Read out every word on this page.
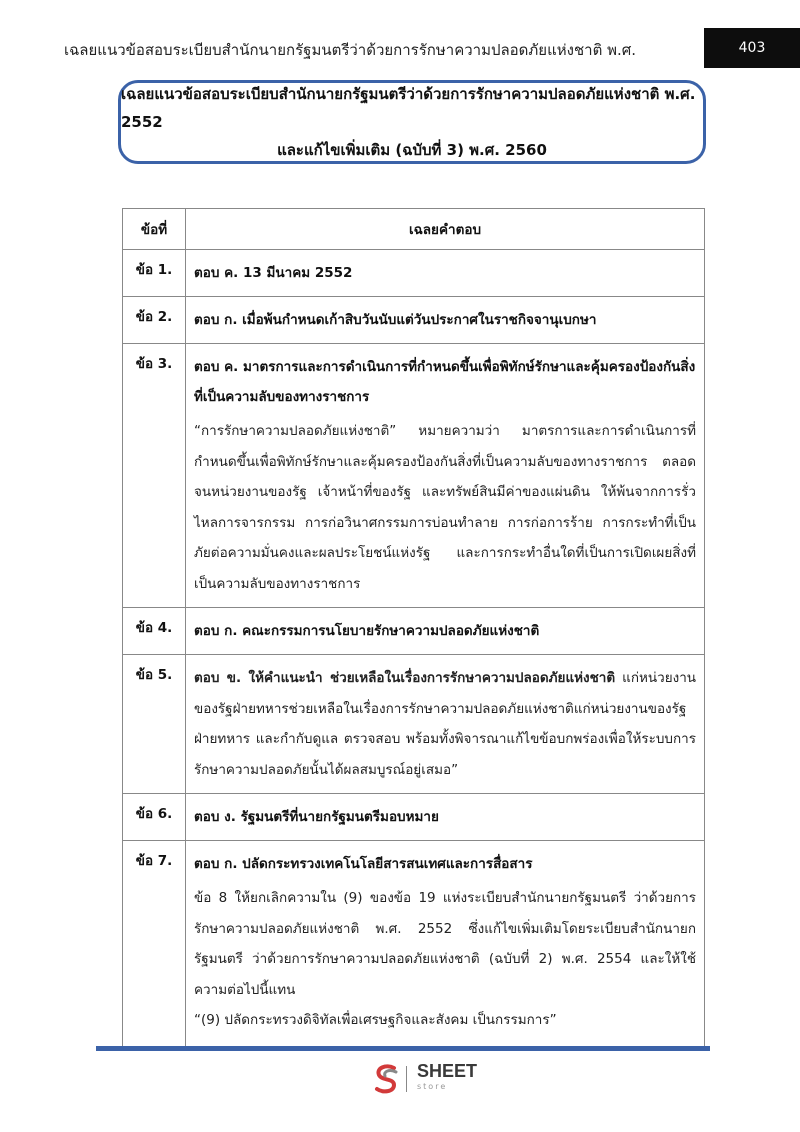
เฉลยแนวข้อสอบระเบียบสำนักนายกรัฐมนตรีว่าด้วยการรักษาความปลอดภัยแห่งชาติ พ.ศ.	403
เฉลยแนวข้อสอบระเบียบสำนักนายกรัฐมนตรีว่าด้วยการรักษาความปลอดภัยแห่งชาติ พ.ศ. 2552
และแก้ไขเพิ่มเติม (ฉบับที่ 3) พ.ศ. 2560
ข้อที่	เฉลยคำตอบ
ข้อ 1.	ตอบ ค. 13 มีนาคม 2552

ข้อ 2.	ตอบ ก. เมื่อพ้นกำหนดเก้าสิบวันนับแต่วันประกาศในราชกิจจานุเบกษา

ข้อ 3.	ตอบ ค. มาตรการและการดำเนินการที่กำหนดขึ้นเพื่อพิทักษ์รักษาและคุ้มครองป้องกันสิ่งที่เป็นความลับของทางราชการ
“การรักษาความปลอดภัยแห่งชาติ” หมายความว่า มาตรการและการดำเนินการที่กำหนดขึ้นเพื่อพิทักษ์รักษาและคุ้มครองป้องกันสิ่งที่เป็นความลับของทางราชการ ตลอดจนหน่วยงานของรัฐ เจ้าหน้าที่ของรัฐ และทรัพย์สินมีค่าของแผ่นดิน ให้พ้นจากการรั่วไหลการจารกรรม การก่อวินาศกรรมการบ่อนทำลาย การก่อการร้าย การกระทำที่เป็นภัยต่อความมั่นคงและผลประโยชน์แห่งรัฐ และการกระทำอื่นใดที่เป็นการเปิดเผยสิ่งที่เป็นความลับของทางราชการ

ข้อ 4.	ตอบ ก. คณะกรรมการนโยบายรักษาความปลอดภัยแห่งชาติ

ข้อ 5.	ตอบ ข. ให้คำแนะนำ ช่วยเหลือในเรื่องการรักษาความปลอดภัยแห่งชาติ แก่หน่วยงานของรัฐฝ่ายทหารช่วยเหลือในเรื่องการรักษาความปลอดภัยแห่งชาติแก่หน่วยงานของรัฐฝ่ายทหาร และกำกับดูแล ตรวจสอบ พร้อมทั้งพิจารณาแก้ไขข้อบกพร่องเพื่อให้ระบบการรักษาความปลอดภัยนั้นได้ผลสมบูรณ์อยู่เสมอ”

ข้อ 6.	ตอบ ง. รัฐมนตรีที่นายกรัฐมนตรีมอบหมาย

ข้อ 7.	ตอบ ก. ปลัดกระทรวงเทคโนโลยีสารสนเทศและการสื่อสาร
ข้อ 8 ให้ยกเลิกความใน (9) ของข้อ 19 แห่งระเบียบสำนักนายกรัฐมนตรี ว่าด้วยการรักษาความปลอดภัยแห่งชาติ พ.ศ. 2552 ซึ่งแก้ไขเพิ่มเติมโดยระเบียบสำนักนายกรัฐมนตรี ว่าด้วยการรักษาความปลอดภัยแห่งชาติ (ฉบับที่ 2) พ.ศ. 2554 และให้ใช้ความต่อไปนี้แทน
“(9) ปลัดกระทรวงดิจิทัลเพื่อเศรษฐกิจและสังคม เป็นกรรมการ”
SHEET
store
